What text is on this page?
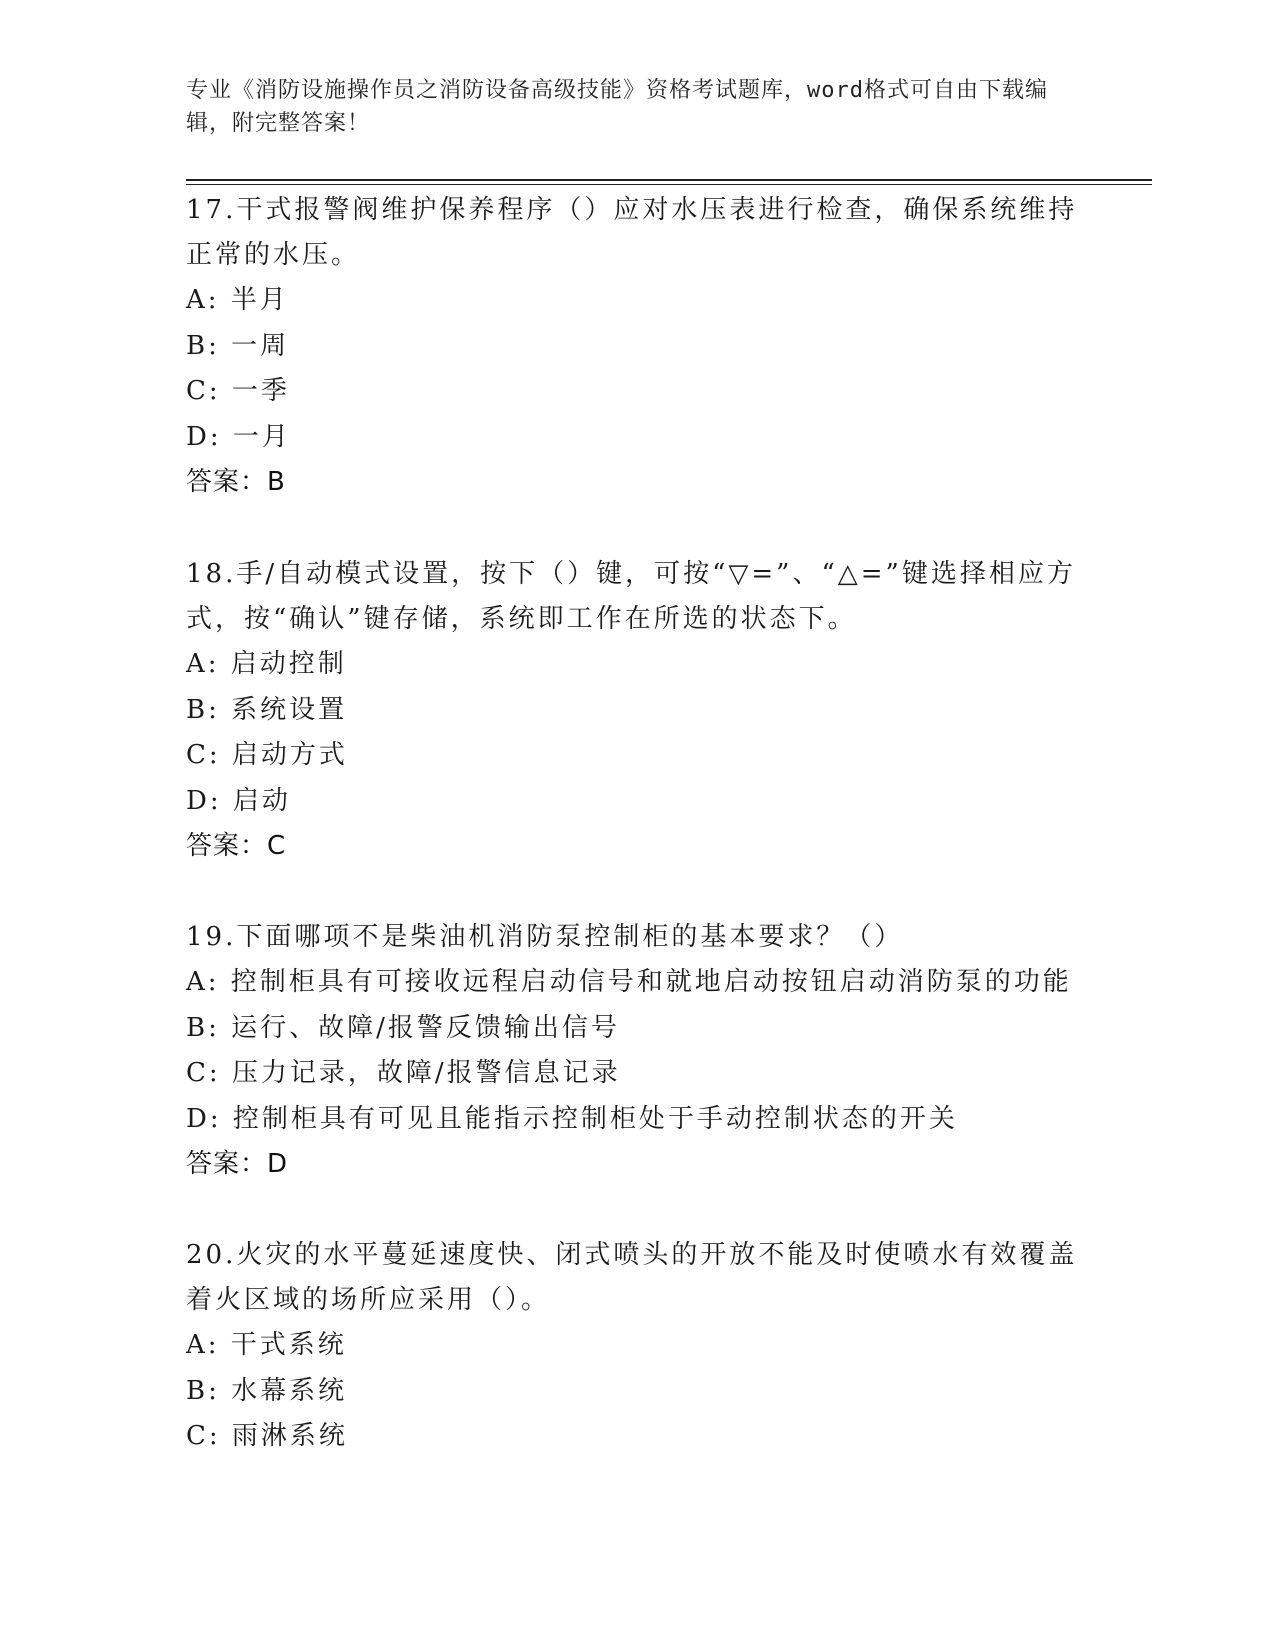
专业《消防设施操作员之消防设备高级技能》资格考试题库，word格式可自由下载编辑，附完整答案！

17.干式报警阀维护保养程序（）应对水压表进行检查，确保系统维持正常的水压。

A: 半月

B: 一周

C: 一季

D: 一月

答案：B

18.手/自动模式设置，按下（）键，可按“▽=”、“△=”键选择相应方式，按“确认”键存储，系统即工作在所选的状态下。

A: 启动控制

B: 系统设置

C: 启动方式

D: 启动

答案：C

19.下面哪项不是柴油机消防泵控制柜的基本要求？（）

A: 控制柜具有可接收远程启动信号和就地启动按钮启动消防泵的功能

B: 运行、故障/报警反馈输出信号

C: 压力记录，故障/报警信息记录

D: 控制柜具有可见且能指示控制柜处于手动控制状态的开关

答案：D

20.火灾的水平蔓延速度快、闭式喷头的开放不能及时使喷水有效覆盖着火区域的场所应采用（）。

A: 干式系统

B: 水幕系统

C: 雨淋系统
